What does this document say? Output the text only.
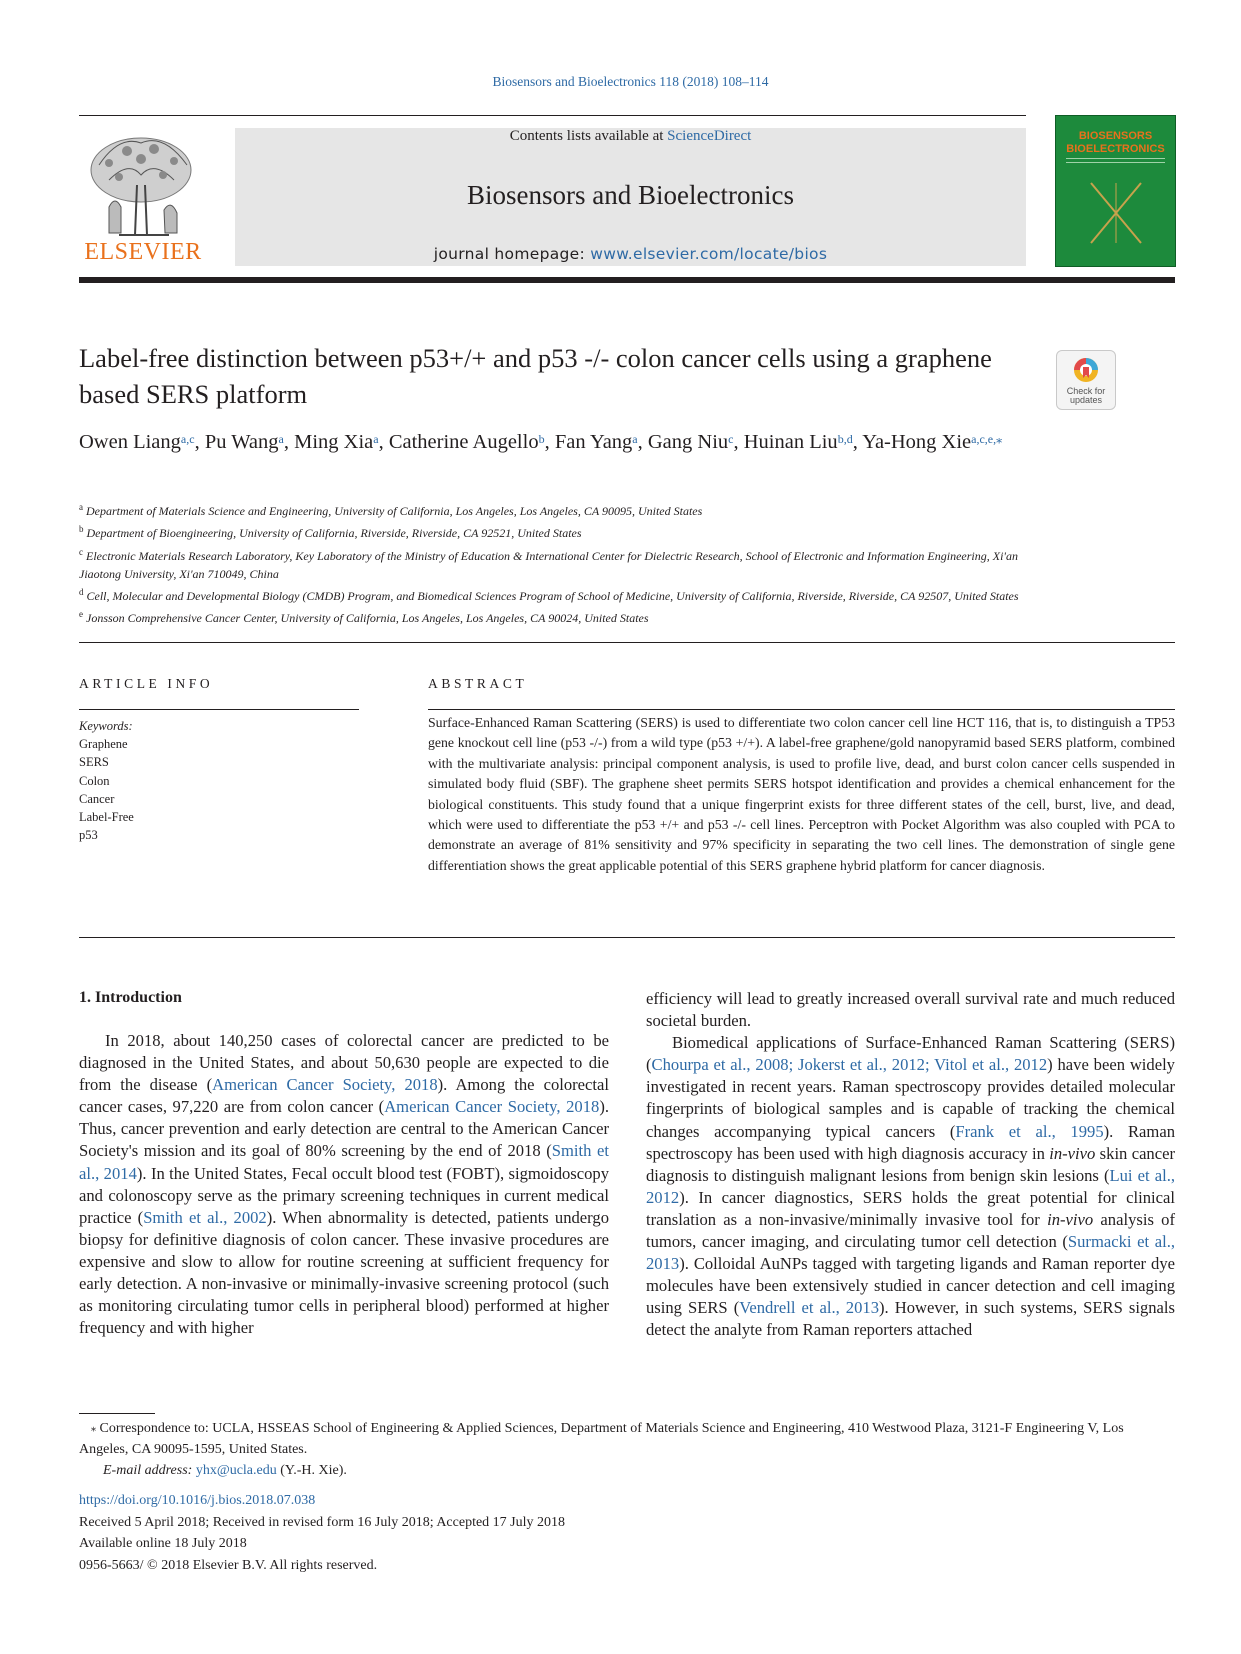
Biosensors and Bioelectronics 118 (2018) 108–114
ELSEVIER
Contents lists available at ScienceDirect
Biosensors and Bioelectronics
journal homepage: www.elsevier.com/locate/bios
BIOSENSORS
BIOELECTRONICS
Label-free distinction between p53+/+ and p53 -/- colon cancer cells using a graphene based SERS platform	Check for
updates
Owen Liang$^{a,c}$, Pu Wang$^a$, Ming Xia$^a$, Catherine Augello$^b$, Fan Yang$^a$, Gang Niu$^c$, Huinan Liu$^{b,d}$, Ya-Hong Xie$^{a,c,e,⁎}$
$^a$ Department of Materials Science and Engineering, University of California, Los Angeles, Los Angeles, CA 90095, United States
$^b$ Department of Bioengineering, University of California, Riverside, Riverside, CA 92521, United States
$^c$ Electronic Materials Research Laboratory, Key Laboratory of the Ministry of Education & International Center for Dielectric Research, School of Electronic and Information Engineering, Xi'an Jiaotong University, Xi'an 710049, China
$^d$ Cell, Molecular and Developmental Biology (CMDB) Program, and Biomedical Sciences Program of School of Medicine, University of California, Riverside, Riverside, CA 92507, United States
$^e$ Jonsson Comprehensive Cancer Center, University of California, Los Angeles, Los Angeles, CA 90024, United States
ARTICLE INFO	ABSTRACT
Keywords:
Graphene
SERS
Colon
Cancer
Label-Free
p53
Surface-Enhanced Raman Scattering (SERS) is used to differentiate two colon cancer cell line HCT 116, that is, to distinguish a TP53 gene knockout cell line (p53 -/-) from a wild type (p53 +/+). A label-free graphene/gold nanopyramid based SERS platform, combined with the multivariate analysis: principal component analysis, is used to profile live, dead, and burst colon cancer cells suspended in simulated body fluid (SBF). The graphene sheet permits SERS hotspot identification and provides a chemical enhancement for the biological constituents. This study found that a unique fingerprint exists for three different states of the cell, burst, live, and dead, which were used to differentiate the p53 +/+ and p53 -/- cell lines. Perceptron with Pocket Algorithm was also coupled with PCA to demonstrate an average of 81% sensitivity and 97% specificity in separating the two cell lines. The demonstration of single gene differentiation shows the great applicable potential of this SERS graphene hybrid platform for cancer diagnosis.
1. Introduction

In 2018, about 140,250 cases of colorectal cancer are predicted to be diagnosed in the United States, and about 50,630 people are expected to die from the disease (American Cancer Society, 2018). Among the colorectal cancer cases, 97,220 are from colon cancer (American Cancer Society, 2018). Thus, cancer prevention and early detection are central to the American Cancer Society's mission and its goal of 80% screening by the end of 2018 (Smith et al., 2014). In the United States, Fecal occult blood test (FOBT), sigmoidoscopy and colonoscopy serve as the primary screening techniques in current medical practice (Smith et al., 2002). When abnormality is detected, patients undergo biopsy for definitive diagnosis of colon cancer. These invasive procedures are expensive and slow to allow for routine screening at sufficient frequency for early detection. A non-invasive or minimally-invasive screening protocol (such as monitoring circulating tumor cells in peripheral blood) performed at higher frequency and with higher

efficiency will lead to greatly increased overall survival rate and much reduced societal burden.

Biomedical applications of Surface-Enhanced Raman Scattering (SERS) (Chourpa et al., 2008; Jokerst et al., 2012; Vitol et al., 2012) have been widely investigated in recent years. Raman spectroscopy provides detailed molecular fingerprints of biological samples and is capable of tracking the chemical changes accompanying typical cancers (Frank et al., 1995). Raman spectroscopy has been used with high diagnosis accuracy in in-vivo skin cancer diagnosis to distinguish malignant lesions from benign skin lesions (Lui et al., 2012). In cancer diagnostics, SERS holds the great potential for clinical translation as a non-invasive/minimally invasive tool for in-vivo analysis of tumors, cancer imaging, and circulating tumor cell detection (Surmacki et al., 2013). Colloidal AuNPs tagged with targeting ligands and Raman reporter dye molecules have been extensively studied in cancer detection and cell imaging using SERS (Vendrell et al., 2013). However, in such systems, SERS signals detect the analyte from Raman reporters attached

⁎ Correspondence to: UCLA, HSSEAS School of Engineering & Applied Sciences, Department of Materials Science and Engineering, 410 Westwood Plaza, 3121-F Engineering V, Los Angeles, CA 90095-1595, United States.
E-mail address: yhx@ucla.edu (Y.-H. Xie).
https://doi.org/10.1016/j.bios.2018.07.038
Received 5 April 2018; Received in revised form 16 July 2018; Accepted 17 July 2018
Available online 18 July 2018
0956-5663/ © 2018 Elsevier B.V. All rights reserved.
